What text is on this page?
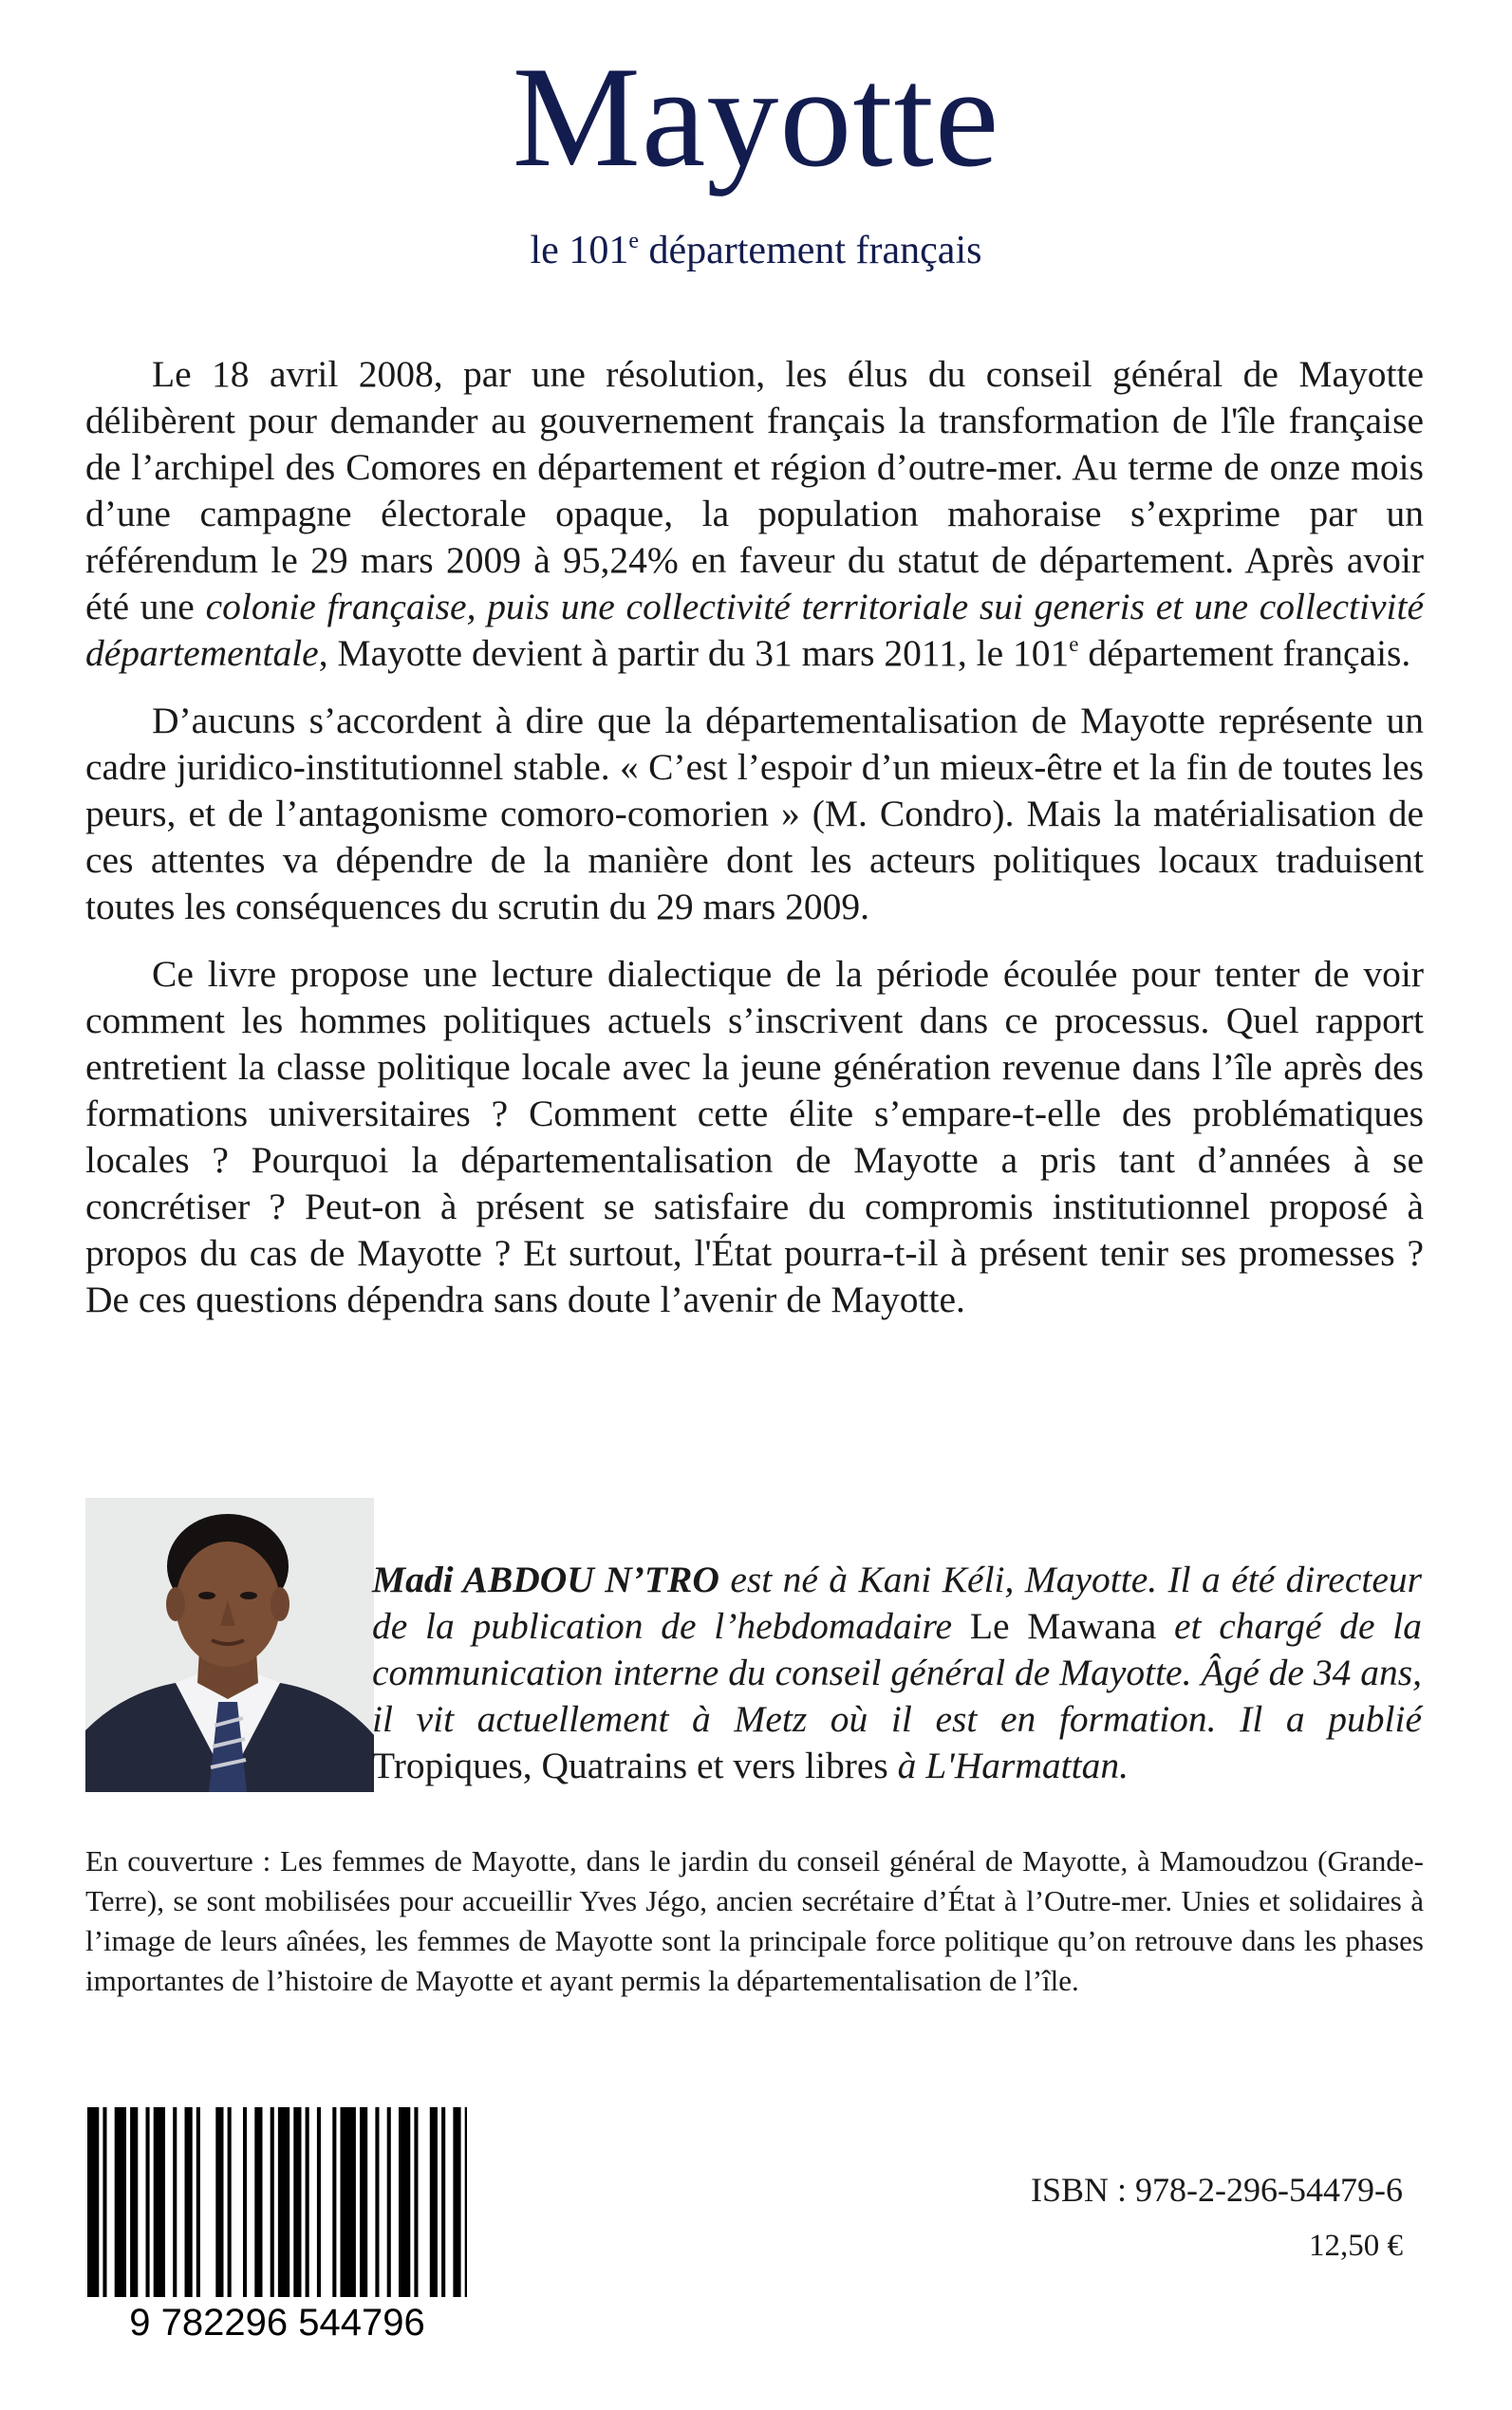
Mayotte
le 101e département français

Le 18 avril 2008, par une résolution, les élus du conseil général de Mayotte délibèrent pour demander au gouvernement français la transformation de l'île française de l’archipel des Comores en département et région d’outre-mer. Au terme de onze mois d’une campagne électorale opaque, la population mahoraise s’exprime par un référendum le 29 mars 2009 à 95,24% en faveur du statut de département. Après avoir été une colonie française, puis une collectivité territoriale sui generis et une collectivité départementale, Mayotte devient à partir du 31 mars 2011, le 101e département français.

D’aucuns s’accordent à dire que la départementalisation de Mayotte représente un cadre juridico-institutionnel stable. « C’est l’espoir d’un mieux-être et la fin de toutes les peurs, et de l’antagonisme comoro-comorien » (M. Condro). Mais la matérialisation de ces attentes va dépendre de la manière dont les acteurs politiques locaux traduisent toutes les conséquences du scrutin du 29 mars 2009.

Ce livre propose une lecture dialectique de la période écoulée pour tenter de voir comment les hommes politiques actuels s’inscrivent dans ce processus. Quel rapport entretient la classe politique locale avec la jeune génération revenue dans l’île après des formations universitaires ? Comment cette élite s’empare-t-elle des problématiques locales ? Pourquoi la départementalisation de Mayotte a pris tant d’années à se concrétiser ? Peut-on à présent se satisfaire du compromis institutionnel proposé à propos du cas de Mayotte ? Et surtout, l'État pourra-t-il à présent tenir ses promesses ? De ces questions dépendra sans doute l’avenir de Mayotte.

Madi ABDOU N’TRO est né à Kani Kéli, Mayotte. Il a été directeur de la publication de l’hebdomadaire Le Mawana et chargé de la communication interne du conseil général de Mayotte. Âgé de 34 ans, il vit actuellement à Metz où il est en formation. Il a publié Tropiques, Quatrains et vers libres à L'Harmattan.
En couverture : Les femmes de Mayotte, dans le jardin du conseil général de Mayotte, à Mamoudzou (Grande-Terre), se sont mobilisées pour accueillir Yves Jégo, ancien secrétaire d’État à l’Outre-mer. Unies et solidaires à l’image de leurs aînées, les femmes de Mayotte sont la principale force politique qu’on retrouve dans les phases importantes de l’histoire de Mayotte et ayant permis la départementalisation de l’île.
9 782296 544796
ISBN : 978-2-296-54479-6
12,50 €
